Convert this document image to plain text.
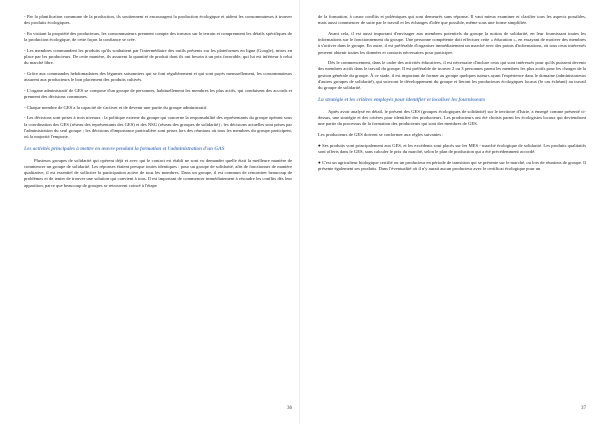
- Par la planification commune de la production, ils soutiennent et encouragent la production écologique et aident les consommateurs à trouver des produits écologiques.

- En visitant la propriété des producteurs, les consommateurs prennent compte des travaux sur le terrain et comprennent les détails spécifiques de la production écologique, de cette façon la confiance se crée.

- Les membres commandent les produits qu'ils souhaitent par l'intermédiaire des outils présents sur les plateformes en ligne (Google), mises en place par les producteurs. De cette manière, ils assurent la quantité de produit dont ils ont besoin à un prix favorable, qui lui est inférieur à celui du marché libre.

- Grâce aux commandes hebdomadaires des légumes saisonniers qui se font régulièrement et qui sont payés mensuellement, les consommateurs assurent aux producteurs le bon placement des produits cultivés.

- L'organe administratif de GES se compose d'un groupe de personnes, habituellement les membres les plus actifs, qui conduisent des accords et prennent des décisions communes.

- Chaque membre de GES a la capacité de s'activer et de devenir une partie du groupe administratif.

- Les décisions sont prises à trois niveaux : la politique externe du groupe qui concerne la responsabilité des représentants du groupe opérant sous la coordination des GES (réseau des représentants des GES) et des NSG (réseau des groupes de solidarité) ; les décisions actuelles sont prises par l'administration du seul groupe ; les décisions d'importance particulière sont prises lors des réunions où tous les membres du groupe participent, où la majorité l'emporte.

Les activités principales à mettre en œuvre pendant la formation et l'administration d'un GAS

Plusieurs groupes de solidarité qui opèrent déjà et avec qui le contact est établi ne sont vu demander quelle était la meilleure manière de commencer un groupe de solidarité. Les réponses étaient presque toutes identiques : pour un groupe de solidarité, afin de fonctionner de manière qualitative, il est essentiel de solliciter la participation active de tous les membres. Dans un groupe, il est commun de rencontrer beaucoup de problèmes et de tenter de trouver une solution qui convient à tous. Il est important de commencer immédiatement à résoudre les conflits dès leur apparition, parce que beaucoup de groupes se retrouvent coincé à l'étape

36

de la formation, à cause conflits et polémiques qui sont demeurés sans réponse. Il vaut mieux examiner et clarifier tous les aspects possibles, mais aussi commencer de suite par le travail et les échanges d'idée que possible, même sous une forme simplifiée.

Avant cela, il est aussi important d'envisager aux membres potentiels du groupe la notion de solidarité, en leur fournissant toutes les informations sur le fonctionnement du groupe. Une personne compétente doit effectuer cette « éducation », en essayant de motiver des membres à s'activer dans le groupe. En outre, il est préférable d'organiser immédiatement un marché avec des points d'informations, où tous ceux intéressés peuvent obtenir toutes les données et contacts nécessaires pour participer.

Dès le commencement, dans le cadre des activités éducatives, il est nécessaire d'inclure ceux qui sont intéressés pour qu'ils puissent devenir des membres actifs dans le travail du groupe. Il est préférable de trouver 2 ou 3 personnes parmi les membres les plus actifs pour les charger de la gestion générale du groupe. À ce stade, il est important de former au groupe quelques tuteurs ayant l'expérience dans le domaine (administrateurs d'autres groupes de solidarité), qui suivront le développement du groupe et lieront les producteurs écologiques locaux (le cas échéant) au travail du groupe de solidarité.

La stratégie et les critères employés pour identifier et localiser les fournisseurs

Après avoir analysé en détail, le présent des GES (groupes écologiques de solidarité) sur le territoire d'Istrie, a émergé comme présenté ci-dessus, une stratégie et des critères pour identifier des producteurs. Les producteurs ont été choisis parmi les écologistes locaux qui deviendront une partie du processus de la formation des producteurs qui sont des membres de GES.

Les producteurs de GES doivent se conformer aux règles suivantes :

● Ses produits vont principalement aux GES, et les excédents sont placés sur les MES - marché écologique de solidarité. Les produits qualitatifs sont offerts dans le GES, sans calculer le prix du marché, selon le plan de production qui a été précédemment accordé.

● C'est un agriculteur biologique certifié ou un producteur en période de transition qui se présente sur le marché, ou lors de réunions de groupe. Il présente également ses produits. Dans l'éventualité où il n'y aurait aucun producteur avec le certificat écologique pour un

37
